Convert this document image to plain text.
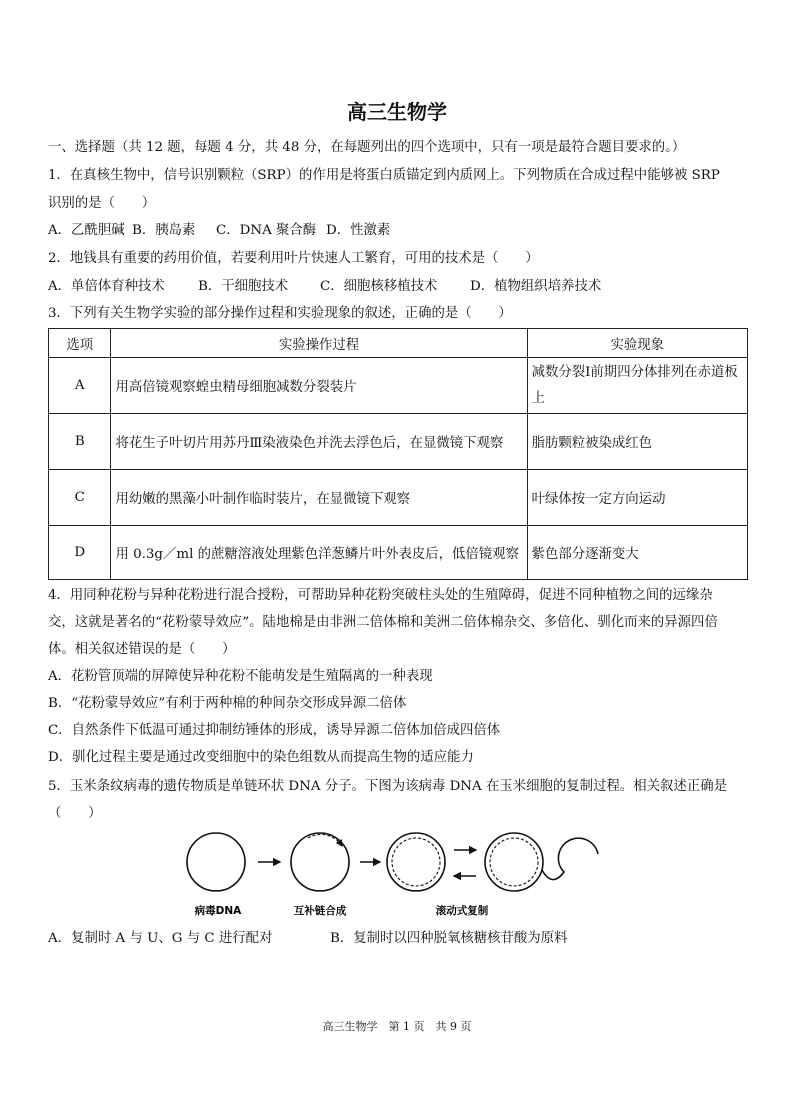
高三生物学
一、选择题（共 12 题，每题 4 分，共 48 分，在每题列出的四个选项中，只有一项是最符合题目要求的。）
1．在真核生物中，信号识别颗粒（SRP）的作用是将蛋白质锚定到内质网上。下列物质在合成过程中能够被 SRP
识别的是（　　）
A．乙酰胆碱 B．胰岛素 C．DNA 聚合酶 D．性激素
2．地钱具有重要的药用价值，若要利用叶片快速人工繁育，可用的技术是（　　）
A．单倍体育种技术 B．干细胞技术 C．细胞核移植技术 D．植物组织培养技术
3．下列有关生物学实验的部分操作过程和实验现象的叙述，正确的是（　　）
选项	实验操作过程	实验现象
A	用高倍镜观察蝗虫精母细胞减数分裂装片	减数分裂Ⅰ前期四分体排列在赤道板上
B	将花生子叶切片用苏丹Ⅲ染液染色并洗去浮色后，在显微镜下观察	脂肪颗粒被染成红色
C	用幼嫩的黑藻小叶制作临时装片，在显微镜下观察	叶绿体按一定方向运动
D	用 0.3g／ml 的蔗糖溶液处理紫色洋葱鳞片叶外表皮后，低倍镜观察	紫色部分逐渐变大
4．用同种花粉与异种花粉进行混合授粉，可帮助异种花粉突破柱头处的生殖障碍，促进不同种植物之间的远缘杂
交，这就是著名的“花粉蒙导效应”。陆地棉是由非洲二倍体棉和美洲二倍体棉杂交、多倍化、驯化而来的异源四倍
体。相关叙述错误的是（　　）
A．花粉管顶端的屏障使异种花粉不能萌发是生殖隔离的一种表现
B．“花粉蒙导效应”有利于两种棉的种间杂交形成异源二倍体
C．自然条件下低温可通过抑制纺锤体的形成，诱导异源二倍体加倍成四倍体
D．驯化过程主要是通过改变细胞中的染色组数从而提高生物的适应能力
5．玉米条纹病毒的遗传物质是单链环状 DNA 分子。下图为该病毒 DNA 在玉米细胞的复制过程。相关叙述正确是
（　　）
病毒DNA	互补链合成	滚动式复制
A．复制时 A 与 U、G 与 C 进行配对	B．复制时以四种脱氧核糖核苷酸为原料
高三生物学　第 1 页　共 9 页
